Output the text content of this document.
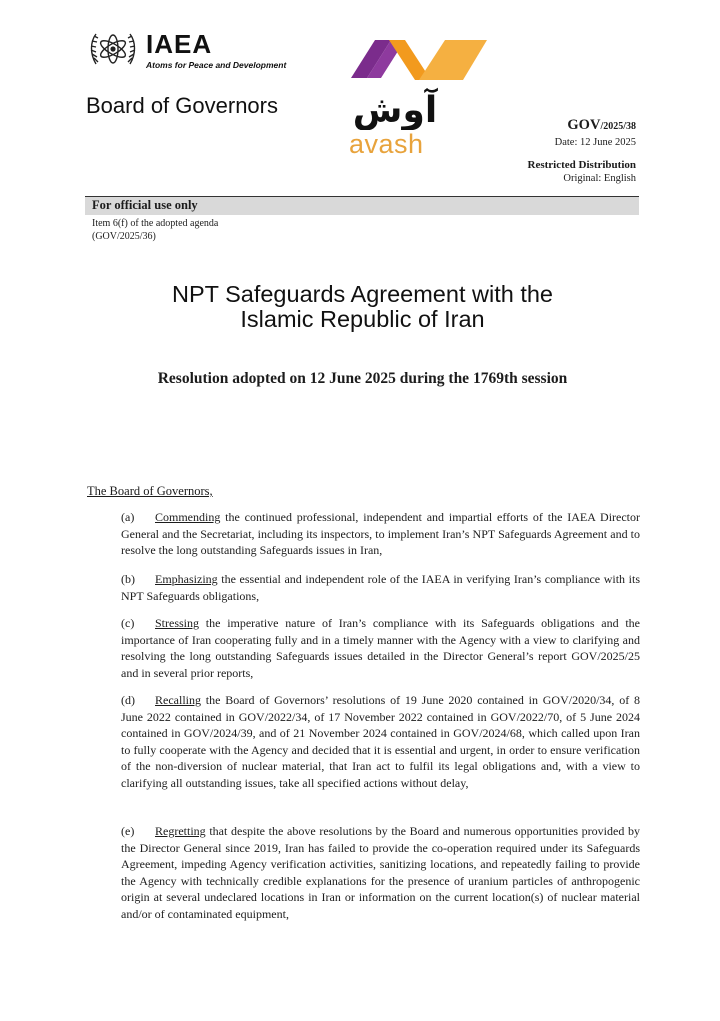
IAEA
Atoms for Peace and Development
Board of Governors آوش
avash
GOV/2025/38
Date: 12 June 2025
Restricted Distribution
Original: English
For official use only
Item 6(f) of the adopted agenda
(GOV/2025/36)
NPT Safeguards Agreement with the
Islamic Republic of Iran
Resolution adopted on 12 June 2025 during the 1769th session
The Board of Governors,
(a) Commending the continued professional, independent and impartial efforts of the IAEA Director General and the Secretariat, including its inspectors, to implement Iran’s NPT Safeguards Agreement and to resolve the long outstanding Safeguards issues in Iran,
(b) Emphasizing the essential and independent role of the IAEA in verifying Iran’s compliance with its NPT Safeguards obligations,
(c) Stressing the imperative nature of Iran’s compliance with its Safeguards obligations and the importance of Iran cooperating fully and in a timely manner with the Agency with a view to clarifying and resolving the long outstanding Safeguards issues detailed in the Director General’s report GOV/2025/25 and in several prior reports,
(d) Recalling the Board of Governors’ resolutions of 19 June 2020 contained in GOV/2020/34, of 8 June 2022 contained in GOV/2022/34, of 17 November 2022 contained in GOV/2022/70, of 5 June 2024 contained in GOV/2024/39, and of 21 November 2024 contained in GOV/2024/68, which called upon Iran to fully cooperate with the Agency and decided that it is essential and urgent, in order to ensure verification of the non-diversion of nuclear material, that Iran act to fulfil its legal obligations and, with a view to clarifying all outstanding issues, take all specified actions without delay,
(e) Regretting that despite the above resolutions by the Board and numerous opportunities provided by the Director General since 2019, Iran has failed to provide the co-operation required under its Safeguards Agreement, impeding Agency verification activities, sanitizing locations, and repeatedly failing to provide the Agency with technically credible explanations for the presence of uranium particles of anthropogenic origin at several undeclared locations in Iran or information on the current location(s) of nuclear material and/or of contaminated equipment,
